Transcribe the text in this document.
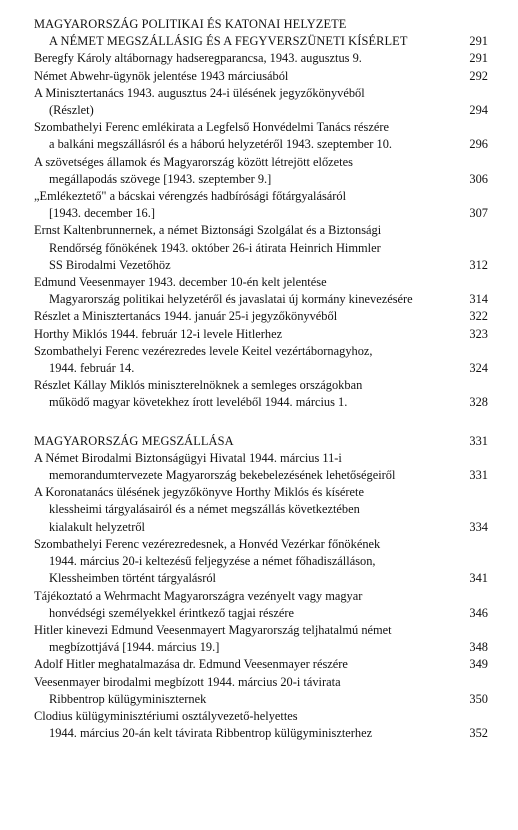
MAGYARORSZÁG POLITIKAI ÉS KATONAI HELYZETE
A NÉMET MEGSZÁLLÁSIG ÉS A FEGYVERSZÜNETI KÍSÉRLET	291
Beregfy Károly altábornagy hadseregparancsa, 1943. augusztus 9.	291
Német Abwehr-ügynök jelentése 1943 márciusából	292
A Minisztertanács 1943. augusztus 24-i ülésének jegyzőkönyvéből
(Részlet)	294
Szombathelyi Ferenc emlékirata a Legfelső Honvédelmi Tanács részére
a balkáni megszállásról és a háború helyzetéről 1943. szeptember 10.	296
A szövetséges államok és Magyarország között létrejött előzetes
megállapodás szövege [1943. szeptember 9.]	306
„Emlékeztető" a bácskai vérengzés hadbírósági főtárgyalásáról
[1943. december 16.]	307
Ernst Kaltenbrunnernek, a német Biztonsági Szolgálat és a Biztonsági
Rendőrség főnökének 1943. október 26-i átirata Heinrich Himmler
SS Birodalmi Vezetőhöz	312
Edmund Veesenmayer 1943. december 10-én kelt jelentése
Magyarország politikai helyzetéről és javaslatai új kormány kinevezésére	314
Részlet a Minisztertanács 1944. január 25-i jegyzőkönyvéből	322
Horthy Miklós 1944. február 12-i levele Hitlerhez	323
Szombathelyi Ferenc vezérezredes levele Keitel vezértábornagyhoz,
1944. február 14.	324
Részlet Kállay Miklós miniszterelnöknek a semleges országokban
működő magyar követekhez írott leveléből 1944. március 1.	328
MAGYARORSZÁG MEGSZÁLLÁSA	331
A Német Birodalmi Biztonságügyi Hivatal 1944. március 11-i
memorandumtervezete Magyarország bekebelezésének lehetőségeiről	331
A Koronatanács ülésének jegyzőkönyve Horthy Miklós és kísérete
klessheimi tárgyalásairól és a német megszállás következtében
kialakult helyzetről	334
Szombathelyi Ferenc vezérezredesnek, a Honvéd Vezérkar főnökének
1944. március 20-i keltezésű feljegyzése a német főhadiszálláson,
Klessheimben történt tárgyalásról	341
Tájékoztató a Wehrmacht Magyarországra vezényelt vagy magyar
honvédségi személyekkel érintkező tagjai részére	346
Hitler kinevezi Edmund Veesenmayert Magyarország teljhatalmú német
megbízottjává [1944. március 19.]	348
Adolf Hitler meghatalmazása dr. Edmund Veesenmayer részére	349
Veesenmayer birodalmi megbízott 1944. március 20-i távirata
Ribbentrop külügyminiszternek	350
Clodius külügyminisztériumi osztályvezető-helyettes
1944. március 20-án kelt távirata Ribbentrop külügyminiszterhez	352
